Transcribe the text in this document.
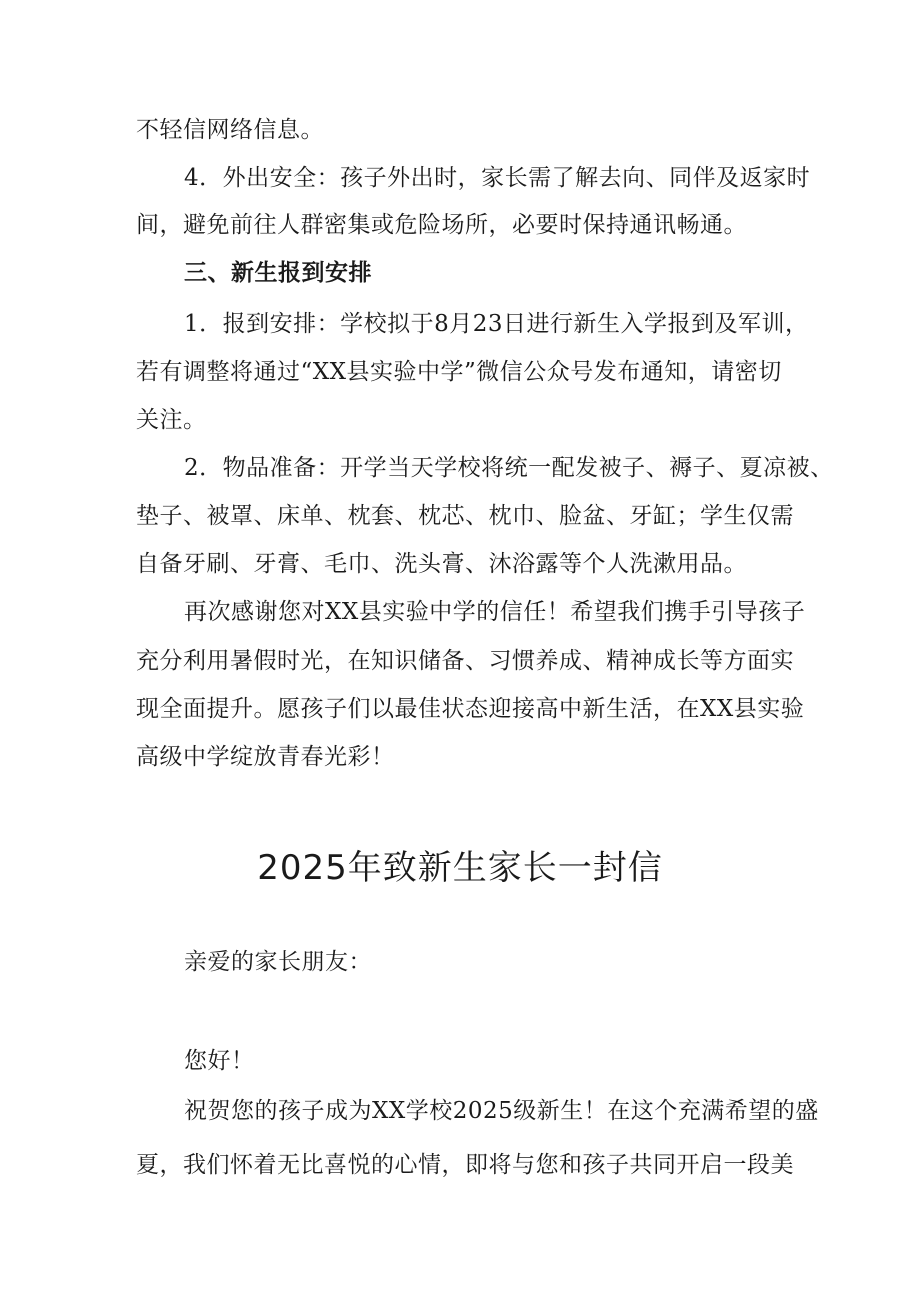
不轻信网络信息。
4．外出安全：孩子外出时，家长需了解去向、同伴及返家时
间，避免前往人群密集或危险场所，必要时保持通讯畅通。
三、新生报到安排
1．报到安排：学校拟于8月23日进行新生入学报到及军训，
若有调整将通过“XX县实验中学”微信公众号发布通知，请密切
关注。
2．物品准备：开学当天学校将统一配发被子、褥子、夏凉被、
垫子、被罩、床单、枕套、枕芯、枕巾、脸盆、牙缸；学生仅需
自备牙刷、牙膏、毛巾、洗头膏、沐浴露等个人洗漱用品。
再次感谢您对XX县实验中学的信任！希望我们携手引导孩子
充分利用暑假时光，在知识储备、习惯养成、精神成长等方面实
现全面提升。愿孩子们以最佳状态迎接高中新生活，在XX县实验
高级中学绽放青春光彩！
2025年致新生家长一封信
亲爱的家长朋友：
您好！
祝贺您的孩子成为XX学校2025级新生！在这个充满希望的盛
夏，我们怀着无比喜悦的心情，即将与您和孩子共同开启一段美
